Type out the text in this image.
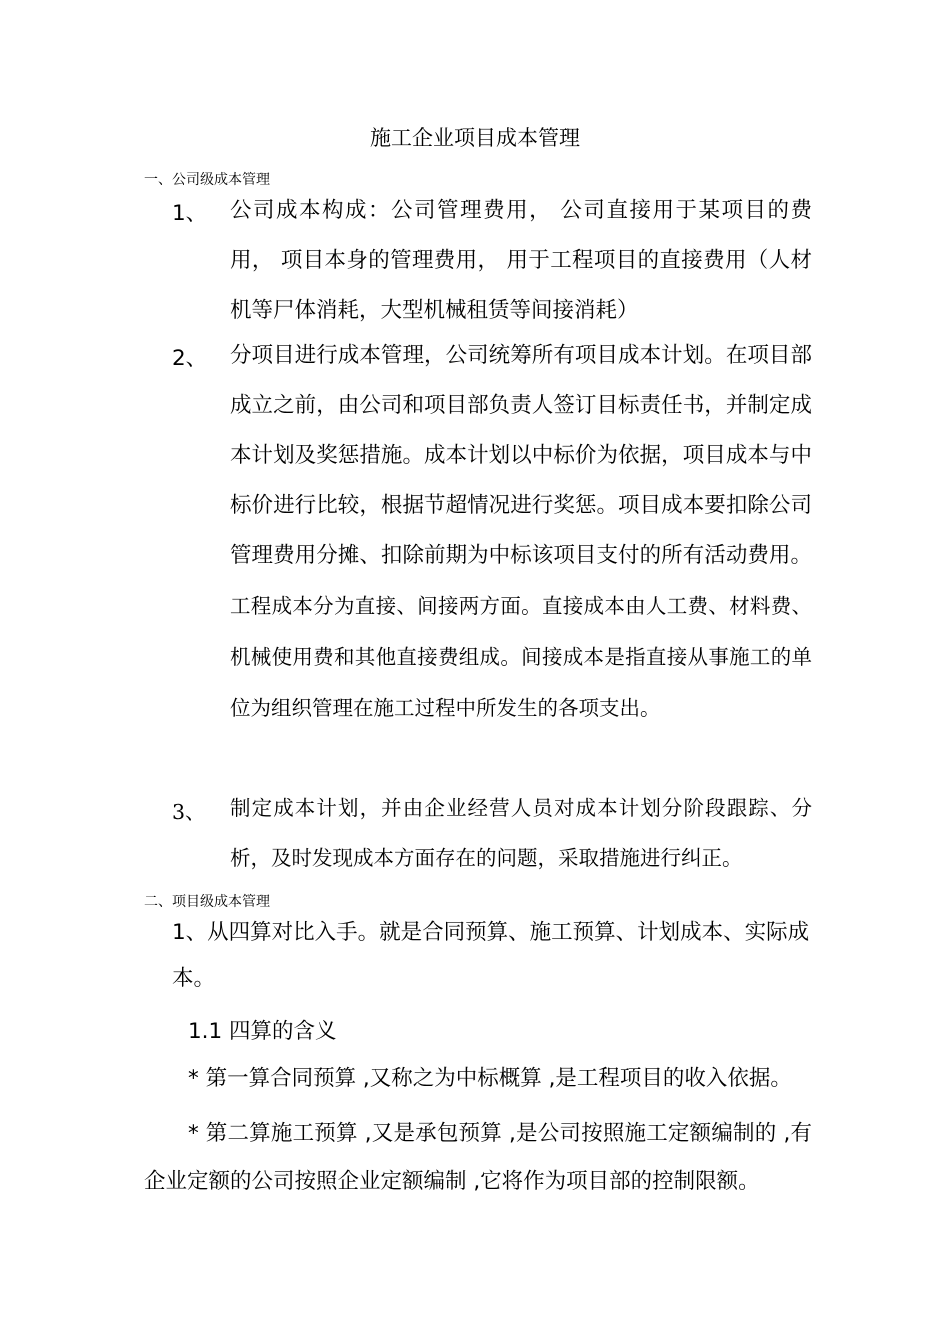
施工企业项目成本管理
一、公司级成本管理
1、 公司成本构成：公司管理费用， 公司直接用于某项目的费用， 项目本身的管理费用， 用于工程项目的直接费用（人材机等尸体消耗，大型机械租赁等间接消耗）
2、 分项目进行成本管理，公司统筹所有项目成本计划。在项目部成立之前，由公司和项目部负责人签订目标责任书，并制定成本计划及奖惩措施。成本计划以中标价为依据，项目成本与中标价进行比较，根据节超情况进行奖惩。项目成本要扣除公司管理费用分摊、扣除前期为中标该项目支付的所有活动费用。工程成本分为直接、间接两方面。直接成本由人工费、材料费、机械使用费和其他直接费组成。间接成本是指直接从事施工的单位为组织管理在施工过程中所发生的各项支出。
3、 制定成本计划，并由企业经营人员对成本计划分阶段跟踪、分析，及时发现成本方面存在的问题，采取措施进行纠正。
二、项目级成本管理
1、从四算对比入手。就是合同预算、施工预算、计划成本、实际成本。
1.1 四算的含义
* 第一算合同预算 ,又称之为中标概算 ,是工程项目的收入依据。
* 第二算施工预算 ,又是承包预算 ,是公司按照施工定额编制的 ,有企业定额的公司按照企业定额编制 ,它将作为项目部的控制限额。
